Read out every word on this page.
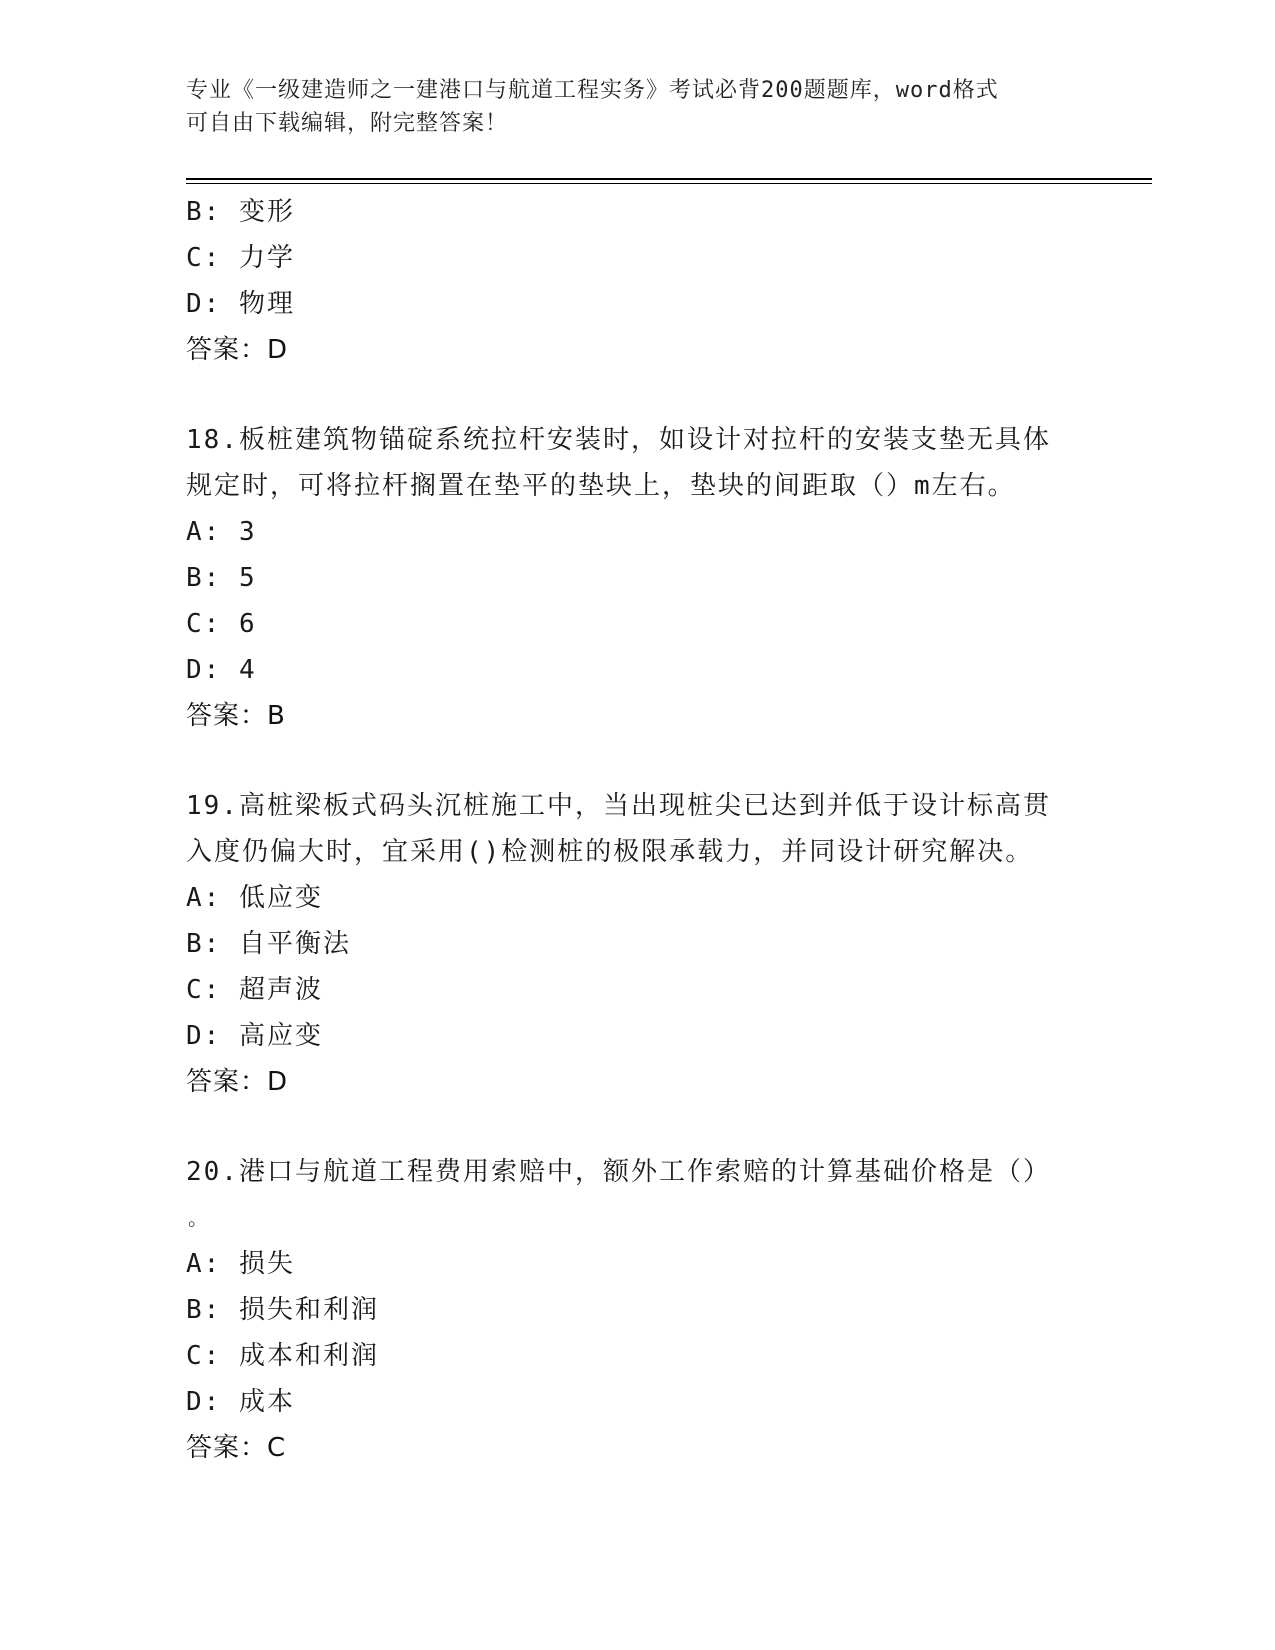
专业《一级建造师之一建港口与航道工程实务》考试必背200题题库，word格式
可自由下载编辑，附完整答案！
B: 变形
C: 力学
D: 物理
答案：D
18.板桩建筑物锚碇系统拉杆安装时，如设计对拉杆的安装支垫无具体
规定时，可将拉杆搁置在垫平的垫块上，垫块的间距取（）m左右。
A: 3
B: 5
C: 6
D: 4
答案：B
19.高桩梁板式码头沉桩施工中，当出现桩尖已达到并低于设计标高贯
入度仍偏大时，宜采用()检测桩的极限承载力，并同设计研究解决。
A: 低应变
B: 自平衡法
C: 超声波
D: 高应变
答案：D
20.港口与航道工程费用索赔中，额外工作索赔的计算基础价格是（）
。
A: 损失
B: 损失和利润
C: 成本和利润
D: 成本
答案：C
